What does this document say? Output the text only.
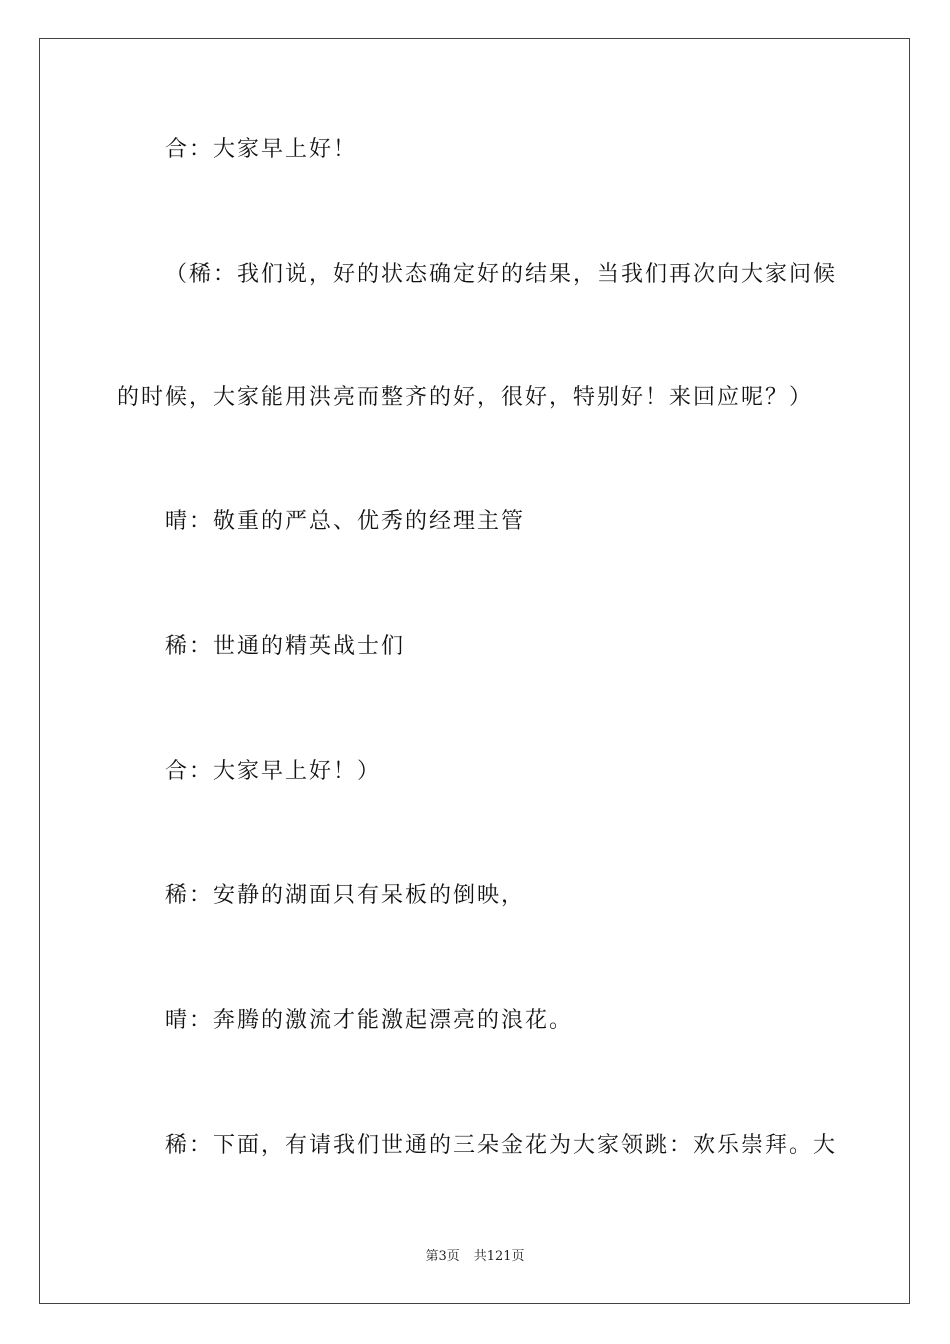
合：大家早上好！
（稀：我们说，好的状态确定好的结果，当我们再次向大家问候
的时候，大家能用洪亮而整齐的好，很好，特别好！来回应呢？）
晴：敬重的严总、优秀的经理主管
稀：世通的精英战士们
合：大家早上好！）
稀：安静的湖面只有呆板的倒映，
晴：奔腾的激流才能激起漂亮的浪花。
稀：下面，有请我们世通的三朵金花为大家领跳：欢乐崇拜。大
第3页 共121页
